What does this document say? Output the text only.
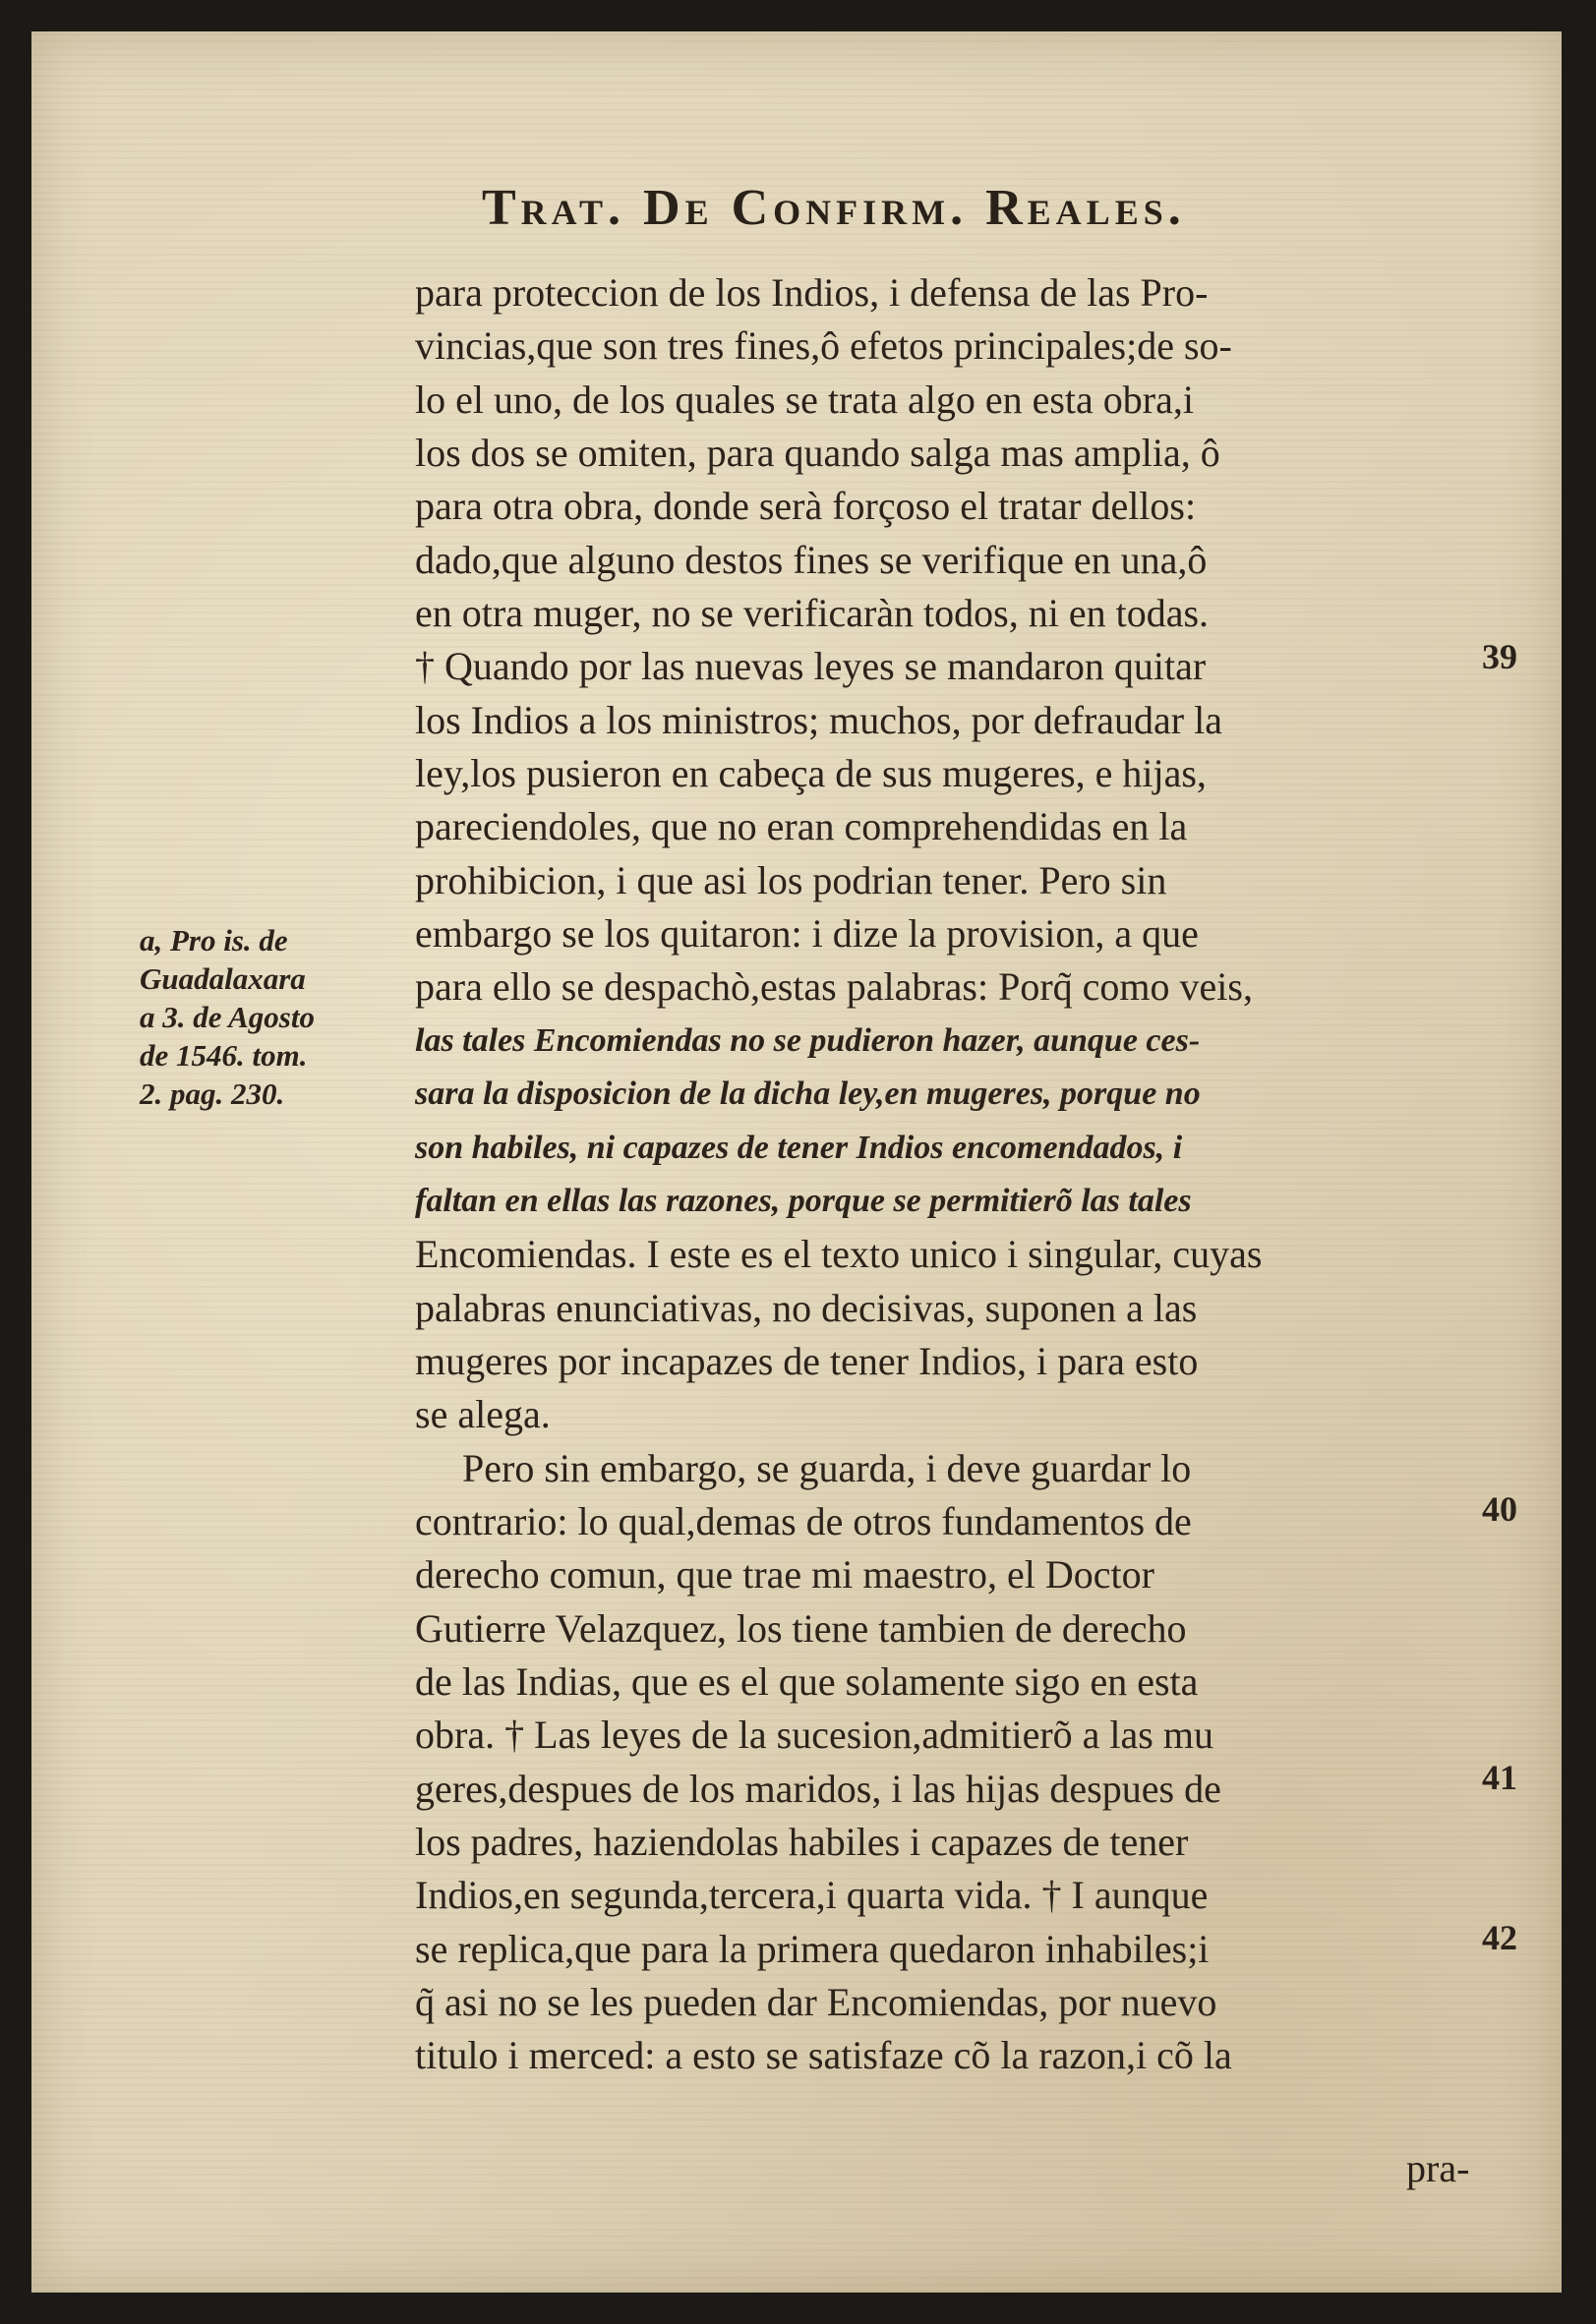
Trat. De Confirm. Reales.
para proteccion de los Indios, i defensa de las Pro-
vincias,que son tres fines,ô efetos principales;de so-
lo el uno, de los quales se trata algo en esta obra,i
los dos se omiten, para quando salga mas amplia, ô
para otra obra, donde serà forçoso el tratar dellos:
dado,que alguno destos fines se verifique en una,ô
en otra muger, no se verificaràn todos, ni en todas.
† Quando por las nuevas leyes se mandaron quitar
los Indios a los ministros; muchos, por defraudar la
ley,los pusieron en cabeça de sus mugeres, e hijas,
pareciendoles, que no eran comprehendidas en la
prohibicion, i que asi los podrian tener. Pero sin
embargo se los quitaron: i dize la provision, a que
para ello se despachò,estas palabras: Porq̃ como veis,
las tales Encomiendas no se pudieron hazer, aunque ces-
sara la disposicion de la dicha ley,en mugeres, porque no
son habiles, ni capazes de tener Indios encomendados, i
faltan en ellas las razones, porque se permitierõ las tales
Encomiendas. I este es el texto unico i singular, cuyas
palabras enunciativas, no decisivas, suponen a las
mugeres por incapazes de tener Indios, i para esto
se alega.
Pero sin embargo, se guarda, i deve guardar lo
contrario: lo qual,demas de otros fundamentos de
derecho comun, que trae mi maestro, el Doctor
Gutierre Velazquez, los tiene tambien de derecho
de las Indias, que es el que solamente sigo en esta
obra. † Las leyes de la sucesion,admitierõ a las mu
geres,despues de los maridos, i las hijas despues de
los padres, haziendolas habiles i capazes de tener
Indios,en segunda,tercera,i quarta vida. † I aunque
se replica,que para la primera quedaron inhabiles;i
q̃ asi no se les pueden dar Encomiendas, por nuevo
titulo i merced: a esto se satisfaze cõ la razon,i cõ la
pra-
a, Pro is. de
Guadalaxara
a 3. de Agosto
de 1546. tom.
2. pag. 230.
39
40
41
42
